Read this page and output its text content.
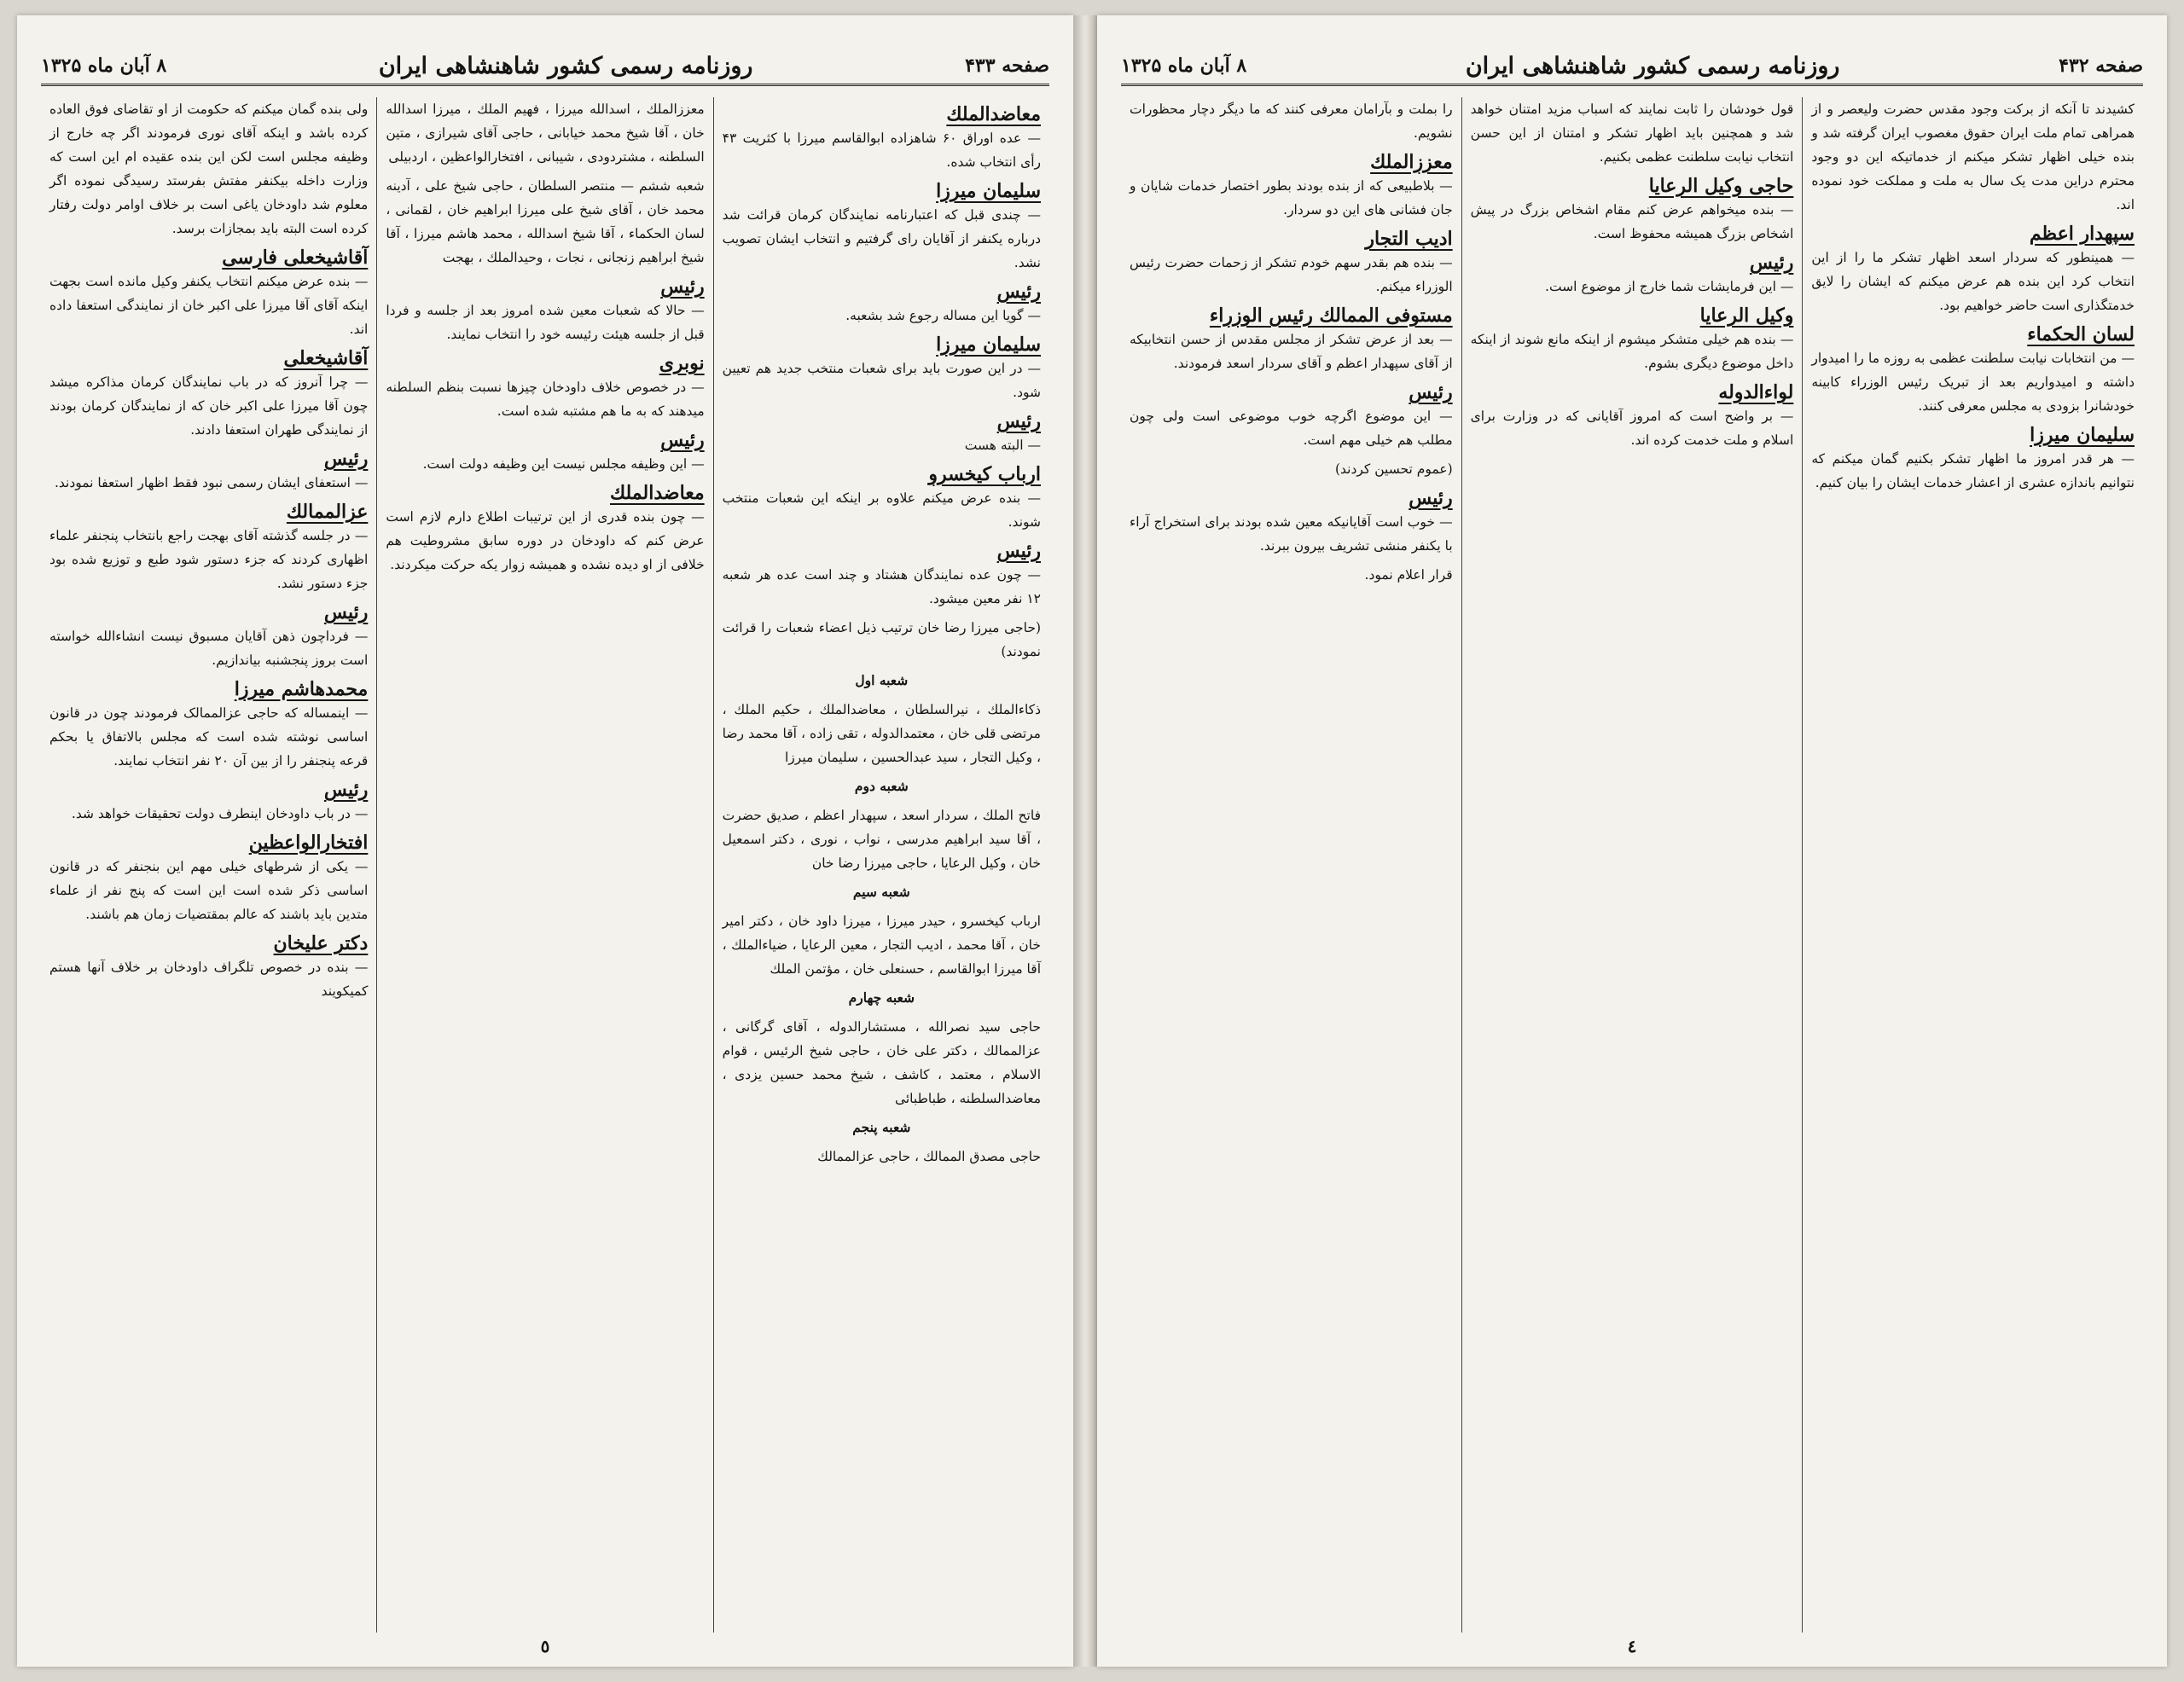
صفحه ۴۳۳
روزنامه رسمی کشور شاهنشاهی ایران
۸ آبان ماه ۱۳۲۵

معاضدالملك
— عده اوراق ۶۰ شاهزاده ابوالقاسم میرزا با کثریت ۴۳ رأی انتخاب شده.

سلیمان میرزا
— چندی قبل که اعتبارنامه نمایندگان کرمان قرائت شد درباره یکنفر از آقایان رای گرفتیم و انتخاب ایشان تصویب نشد.

رئیس
— گویا این مساله رجوع شد بشعبه.

سلیمان میرزا
— در این صورت باید برای شعبات منتخب جدید هم تعیین شود.

رئیس
— البته هست

ارباب کیخسرو
— بنده عرض میکنم علاوه بر اینکه این شعبات منتخب شوند.

رئیس
— چون عده نمایندگان هشتاد و چند است عده هر شعبه ۱۲ نفر معین میشود.

(حاجی میرزا رضا خان ترتیب ذیل اعضاء شعبات را قرائت نمودند)

شعبه اول

ذکاءالملك ، نیرالسلطان ، معاضدالملك ، حکیم الملك ، مرتضی قلی خان ، معتمدالدوله ، تقی زاده ، آقا محمد رضا ، وکیل التجار ، سید عبدالحسین ، سلیمان میرزا

شعبه دوم

فاتح الملك ، سردار اسعد ، سپهدار اعظم ، صدیق حضرت ، آقا سید ابراهیم مدرسی ، نواب ، نوری ، دکتر اسمعیل خان ، وکیل الرعایا ، حاجی میرزا رضا خان

شعبه سیم

ارباب کیخسرو ، حیدر میرزا ، میرزا داود خان ، دکتر امیر خان ، آقا محمد ، ادیب التجار ، معین الرعایا ، ضیاءالملك ، آقا میرزا ابوالقاسم ، حسنعلی خان ، مؤتمن الملك

شعبه چهارم

حاجی سید نصرالله ، مستشارالدوله ، آقای گرگانی ، عزالممالك ، دکتر علی خان ، حاجی شیخ الرئیس ، قوام الاسلام ، معتمد ، کاشف ، شیخ محمد حسین یزدی ، معاضدالسلطنه ، طباطبائی

شعبه پنجم

حاجی مصدق الممالك ، حاجی عزالممالك

معززالملك ، اسدالله میرزا ، فهیم الملك ، میرزا اسدالله خان ، آقا شیخ محمد خیابانی ، حاجی آقای شیرازی ، متین السلطنه ، مشتردودی ، شیبانی ، افتخارالواعظین ، اردبیلی

شعبه ششم — منتصر السلطان ، حاجی شیخ علی ، آدینه محمد خان ، آقای شیخ علی میرزا ابراهیم خان ، لقمانی ، لسان الحکماء ، آقا شیخ اسدالله ، محمد هاشم میرزا ، آقا شیخ ابراهیم زنجانی ، نجات ، وحیدالملك ، بهجت

رئیس
— حالا که شعبات معین شده امروز بعد از جلسه و فردا قبل از جلسه هیئت رئیسه خود را انتخاب نمایند.

نوبری
— در خصوص خلاف داودخان چیزها نسبت بنظم السلطنه میدهند که به ما هم مشتبه شده است.

رئیس
— این وظیفه مجلس نیست این وظیفه دولت است.

معاضدالملك
— چون بنده قدری از این ترتیبات اطلاع دارم لازم است عرض کنم که داودخان در دوره سابق مشروطیت هم خلافی از او دیده نشده و همیشه زوار یکه حرکت میکردند.

ولی بنده گمان میکنم که حکومت از او تقاضای فوق العاده کرده باشد و اینکه آقای نوری فرمودند اگر چه خارج از وظیفه مجلس است لکن این بنده عقیده ام این است که وزارت داخله بیکنفر مفتش بفرستد رسیدگی نموده اگر معلوم شد داودخان یاغی است بر خلاف اوامر دولت رفتار کرده است البته باید بمجازات برسد.

آقاشیخعلی فارسی
— بنده عرض میکنم انتخاب یکنفر وکیل مانده است بجهت اینکه آقای آقا میرزا علی اکبر خان از نمایندگی استعفا داده اند.

آقاشیخعلی
— چرا آنروز که در باب نمایندگان کرمان مذاکره میشد چون آقا میرزا علی اکبر خان که از نمایندگان کرمان بودند از نمایندگی طهران استعفا دادند.

رئیس
— استعفای ایشان رسمی نبود فقط اظهار استعفا نمودند.

عزالممالك
— در جلسه گذشته آقای بهجت راجع بانتخاب پنجنفر علماء اظهاری کردند که جزء دستور شود طبع و توزیع شده بود جزء دستور نشد.

رئیس
— فرداچون ذهن آقایان مسبوق نیست انشاءالله خواسته است بروز پنجشنبه بیاندازیم.

محمدهاشم میرزا
— اینمساله که حاجی عزالممالک فرمودند چون در قانون اساسی نوشته شده است که مجلس بالاتفاق یا بحکم قرعه پنجنفر را از بین آن ۲۰ نفر انتخاب نمایند.

رئیس
— در باب داودخان اینطرف دولت تحقیقات خواهد شد.

افتخارالواعظین
— یکی از شرطهای خیلی مهم این بنجنفر که در قانون اساسی ذکر شده است این است که پنج نفر از علماء متدین باید باشند که عالم بمقتضیات زمان هم باشند.

دکتر علیخان
— بنده در خصوص تلگراف داودخان بر خلاف آنها هستم کمیکویند

٥
صفحه ۴۳۲
روزنامه رسمی کشور شاهنشاهی ایران
۸ آبان ماه ۱۳۲۵

کشیدند تا آنکه از برکت وجود مقدس حضرت ولیعصر و از همراهی تمام ملت ایران حقوق مغصوب ایران گرفته شد و بنده خیلی اظهار تشکر میکنم از خدماتیکه این دو وجود محترم دراین مدت یک سال به ملت و مملکت خود نموده اند.

سپهدار اعظم
— همینطور که سردار اسعد اظهار تشکر ما را از این انتخاب کرد این بنده هم عرض میکنم که ایشان را لایق خدمتگذاری است حاضر خواهیم بود.

لسان الحکماء
— من انتخابات نیابت سلطنت عظمی به روزه ما را امیدوار داشته و امیدواریم بعد از تبریک رئیس الوزراء کابینه خودشانرا بزودی به مجلس معرفی کنند.

سلیمان میرزا
— هر قدر امروز ما اظهار تشکر بکنیم گمان میکنم که نتوانیم باندازه عشری از اعشار خدمات ایشان را بیان کنیم.

قول خودشان را ثابت نمایند که اسباب مزید امتنان خواهد شد و همچنین باید اظهار تشکر و امتنان از این حسن انتخاب نیابت سلطنت عظمی بکنیم.

حاجی وکیل الرعایا
— بنده میخواهم عرض کنم مقام اشخاص بزرگ در پیش اشخاص بزرگ همیشه محفوظ است.

رئیس
— این فرمایشات شما خارج از موضوع است.

وکیل الرعایا
— بنده هم خیلی متشکر میشوم از اینکه مانع شوند از اینکه داخل موضوع دیگری بشوم.

لواءالدوله
— بر واضح است که امروز آقایانی که در وزارت برای اسلام و ملت خدمت کرده اند.

را بملت و بآرامان معرفی کنند که ما دیگر دچار محظورات نشویم.

معززالملك
— بلاطبیعی که از بنده بودند بطور اختصار خدمات شایان و جان فشانی های این دو سردار.

ادیب التجار
— بنده هم بقدر سهم خودم تشکر از زحمات حضرت رئیس الوزراء میکنم.

مستوفی الممالك رئیس الوزراء
— بعد از عرض تشکر از مجلس مقدس از حسن انتخابیکه از آقای سپهدار اعظم و آقای سردار اسعد فرمودند.

رئیس
— این موضوع اگرچه خوب موضوعی است ولی چون مطلب هم خیلی مهم است.

(عموم تحسین کردند)

رئیس
— خوب است آقایانیکه معین شده بودند برای استخراج آراء با یکنفر منشی تشریف بیرون ببرند.

قرار اعلام نمود.

٤
